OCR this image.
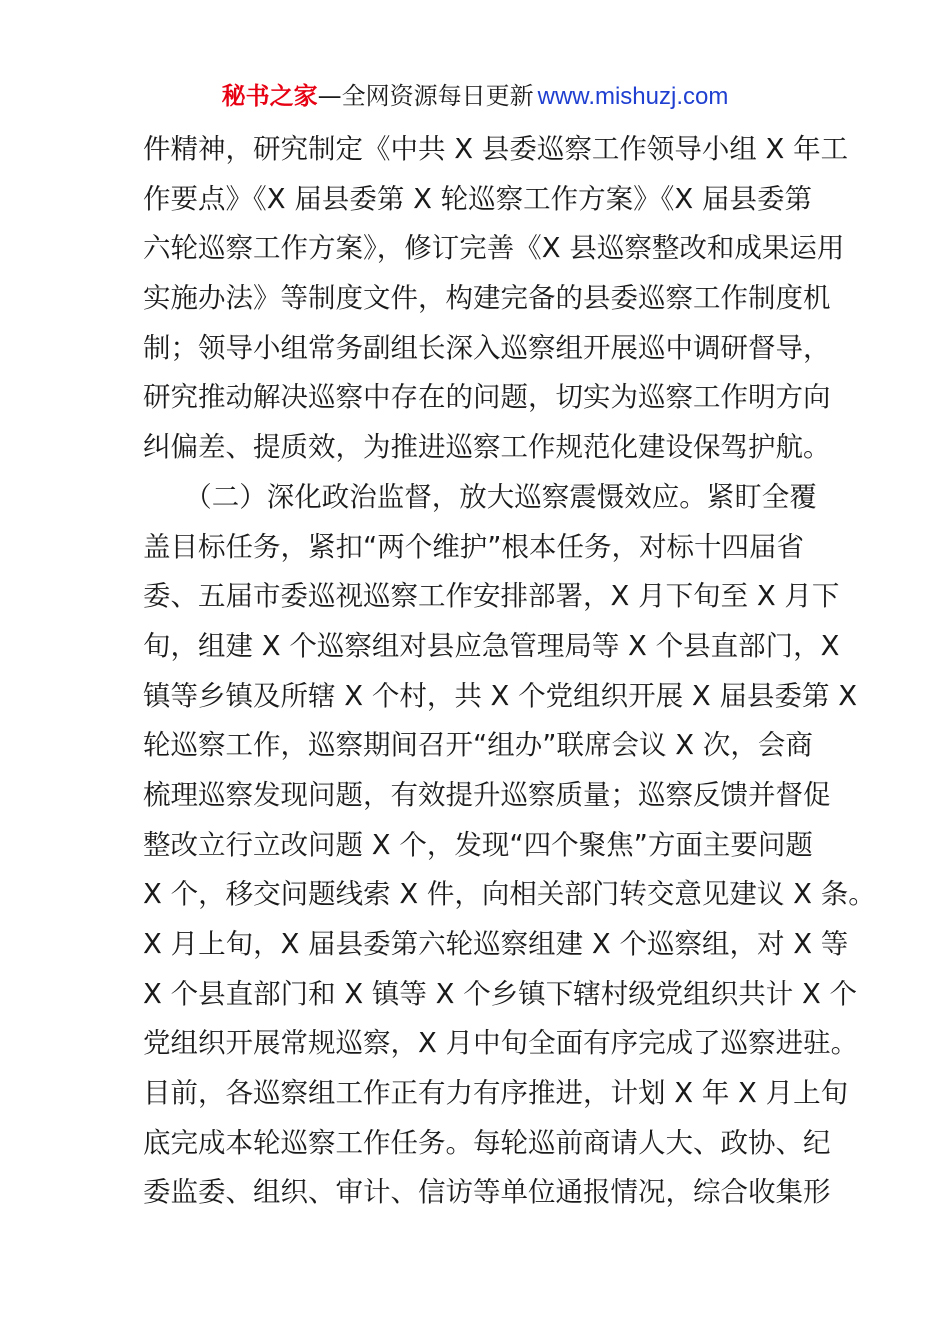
秘书之家—全网资源每日更新 www.mishuzj.com
件精神，研究制定《中共 X 县委巡察工作领导小组 X 年工
作要点》《X 届县委第 X 轮巡察工作方案》《X 届县委第
六轮巡察工作方案》，修订完善《X 县巡察整改和成果运用
实施办法》等制度文件，构建完备的县委巡察工作制度机
制；领导小组常务副组长深入巡察组开展巡中调研督导，
研究推动解决巡察中存在的问题，切实为巡察工作明方向
纠偏差、提质效，为推进巡察工作规范化建设保驾护航。
　　（二）深化政治监督，放大巡察震慑效应。紧盯全覆
盖目标任务，紧扣“两个维护”根本任务，对标十四届省
委、五届市委巡视巡察工作安排部署，X 月下旬至 X 月下
旬，组建 X 个巡察组对县应急管理局等 X 个县直部门，X
镇等乡镇及所辖 X 个村，共 X 个党组织开展 X 届县委第 X
轮巡察工作，巡察期间召开“组办”联席会议 X 次，会商
梳理巡察发现问题，有效提升巡察质量；巡察反馈并督促
整改立行立改问题 X 个，发现“四个聚焦”方面主要问题
X 个，移交问题线索 X 件，向相关部门转交意见建议 X 条。
X 月上旬，X 届县委第六轮巡察组建 X 个巡察组，对 X 等
X 个县直部门和 X 镇等 X 个乡镇下辖村级党组织共计 X 个
党组织开展常规巡察，X 月中旬全面有序完成了巡察进驻。
目前，各巡察组工作正有力有序推进，计划 X 年 X 月上旬
底完成本轮巡察工作任务。每轮巡前商请人大、政协、纪
委监委、组织、审计、信访等单位通报情况，综合收集形
